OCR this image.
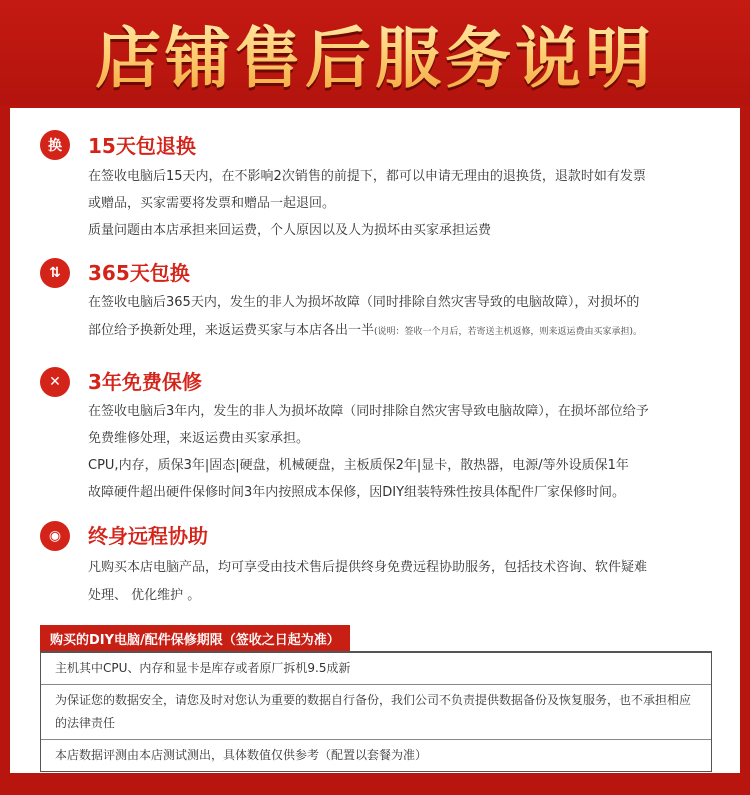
店铺售后服务说明
换	15天包退换
在签收电脑后15天内，在不影响2次销售的前提下，都可以申请无理由的退换货，退款时如有发票
或赠品，买家需要将发票和赠品一起退回。
质量问题由本店承担来回运费，个人原因以及人为损坏由买家承担运费
⇅	365天包换
在签收电脑后365天内，发生的非人为损坏故障（同时排除自然灾害导致的电脑故障），对损坏的
部位给予换新处理，来返运费买家与本店各出一半(说明：签收一个月后，若寄送主机返修，则来返运费由买家承担)。
✕	3年免费保修
在签收电脑后3年内，发生的非人为损坏故障（同时排除自然灾害导致电脑故障），在损坏部位给予
免费维修处理，来返运费由买家承担。
CPU,内存，质保3年|固态|硬盘，机械硬盘，主板质保2年|显卡，散热器，电源/等外设质保1年
故障硬件超出硬件保修时间3年内按照成本保修，因DIY组装特殊性按具体配件厂家保修时间。
◉	终身远程协助
凡购买本店电脑产品，均可享受由技术售后提供终身免费远程协助服务，包括技术咨询、软件疑难
处理、 优化维护 。
购买的DIY电脑/配件保修期限（签收之日起为准）
主机其中CPU、内存和显卡是库存或者原厂拆机9.5成新
为保证您的数据安全，请您及时对您认为重要的数据自行备份，我们公司不负责提供数据备份及恢复服务，也不承担相应的法律责任
本店数据评测由本店测试测出，具体数值仅供参考（配置以套餐为准）
